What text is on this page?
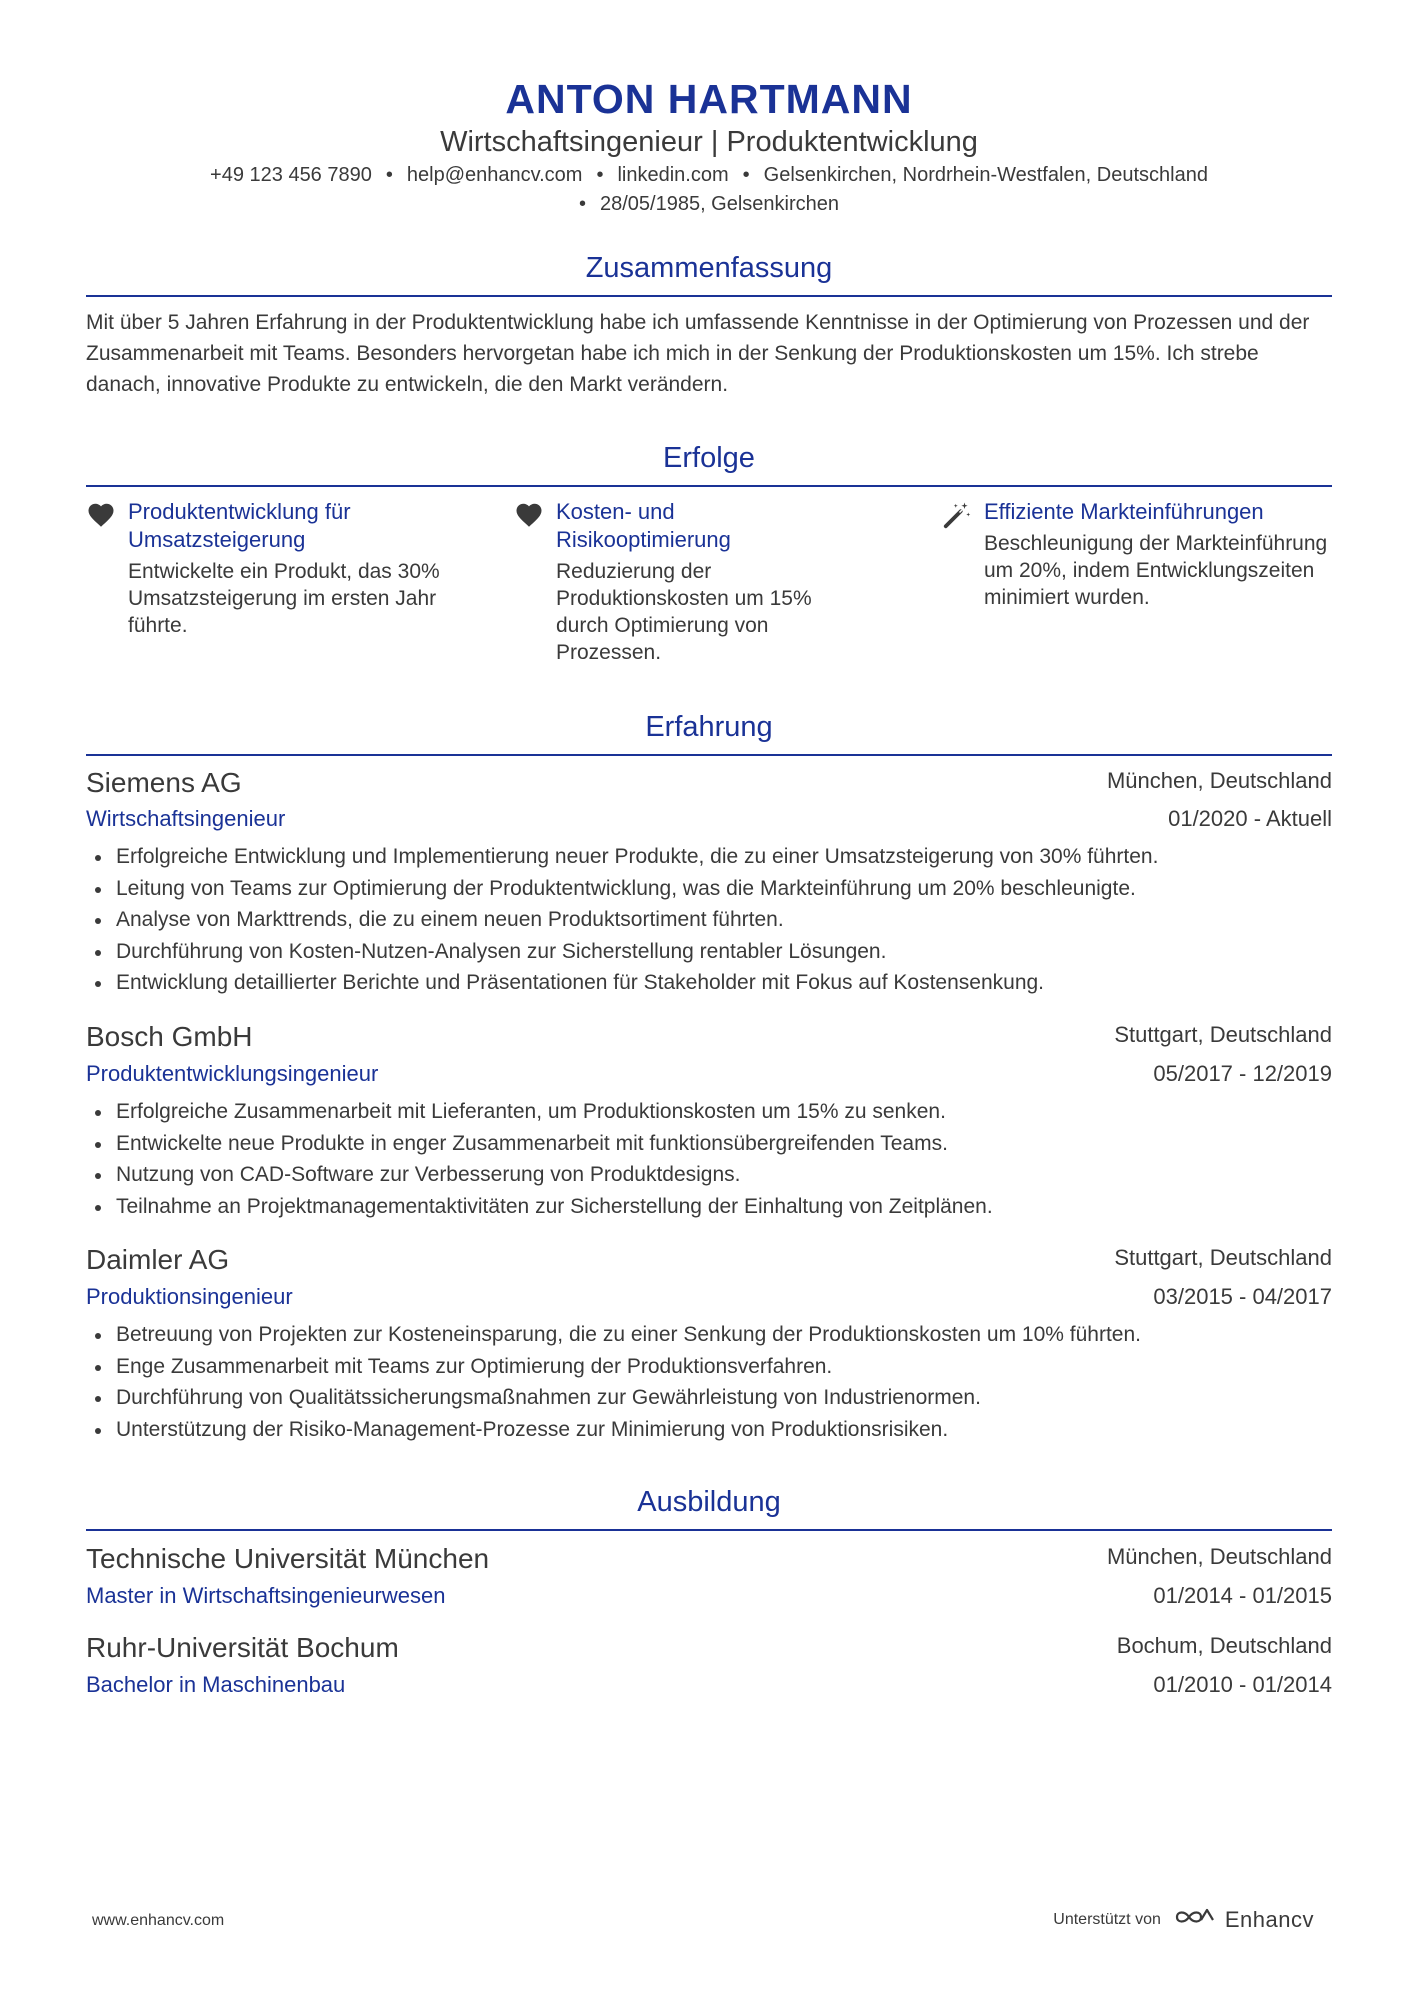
ANTON HARTMANN
Wirtschaftsingenieur | Produktentwicklung
+49 123 456 7890 • help@enhancv.com • linkedin.com • Gelsenkirchen, Nordrhein-Westfalen, Deutschland
• 28/05/1985, Gelsenkirchen
Zusammenfassung
Mit über 5 Jahren Erfahrung in der Produktentwicklung habe ich umfassende Kenntnisse in der Optimierung von Prozessen und der Zusammenarbeit mit Teams. Besonders hervorgetan habe ich mich in der Senkung der Produktionskosten um 15%. Ich strebe danach, innovative Produkte zu entwickeln, die den Markt verändern.
Erfolge
Produktentwicklung für Umsatzsteigerung
Entwickelte ein Produkt, das 30% Umsatzsteigerung im ersten Jahr führte.
Kosten- und Risikooptimierung
Reduzierung der Produktionskosten um 15% durch Optimierung von Prozessen.
Effiziente Markteinführungen
Beschleunigung der Markteinführung um 20%, indem Entwicklungszeiten minimiert wurden.
Erfahrung
Siemens AG	München, Deutschland
Wirtschaftsingenieur	01/2020 - Aktuell
Erfolgreiche Entwicklung und Implementierung neuer Produkte, die zu einer Umsatzsteigerung von 30% führten.
Leitung von Teams zur Optimierung der Produktentwicklung, was die Markteinführung um 20% beschleunigte.
Analyse von Markttrends, die zu einem neuen Produktsortiment führten.
Durchführung von Kosten-Nutzen-Analysen zur Sicherstellung rentabler Lösungen.
Entwicklung detaillierter Berichte und Präsentationen für Stakeholder mit Fokus auf Kostensenkung.
Bosch GmbH	Stuttgart, Deutschland
Produktentwicklungsingenieur	05/2017 - 12/2019
Erfolgreiche Zusammenarbeit mit Lieferanten, um Produktionskosten um 15% zu senken.
Entwickelte neue Produkte in enger Zusammenarbeit mit funktionsübergreifenden Teams.
Nutzung von CAD-Software zur Verbesserung von Produktdesigns.
Teilnahme an Projektmanagementaktivitäten zur Sicherstellung der Einhaltung von Zeitplänen.
Daimler AG	Stuttgart, Deutschland
Produktionsingenieur	03/2015 - 04/2017
Betreuung von Projekten zur Kosteneinsparung, die zu einer Senkung der Produktionskosten um 10% führten.
Enge Zusammenarbeit mit Teams zur Optimierung der Produktionsverfahren.
Durchführung von Qualitätssicherungsmaßnahmen zur Gewährleistung von Industrienormen.
Unterstützung der Risiko-Management-Prozesse zur Minimierung von Produktionsrisiken.
Ausbildung
Technische Universität München	München, Deutschland
Master in Wirtschaftsingenieurwesen	01/2014 - 01/2015
Ruhr-Universität Bochum	Bochum, Deutschland
Bachelor in Maschinenbau	01/2010 - 01/2014
www.enhancv.com	Unterstützt von	Enhancv
